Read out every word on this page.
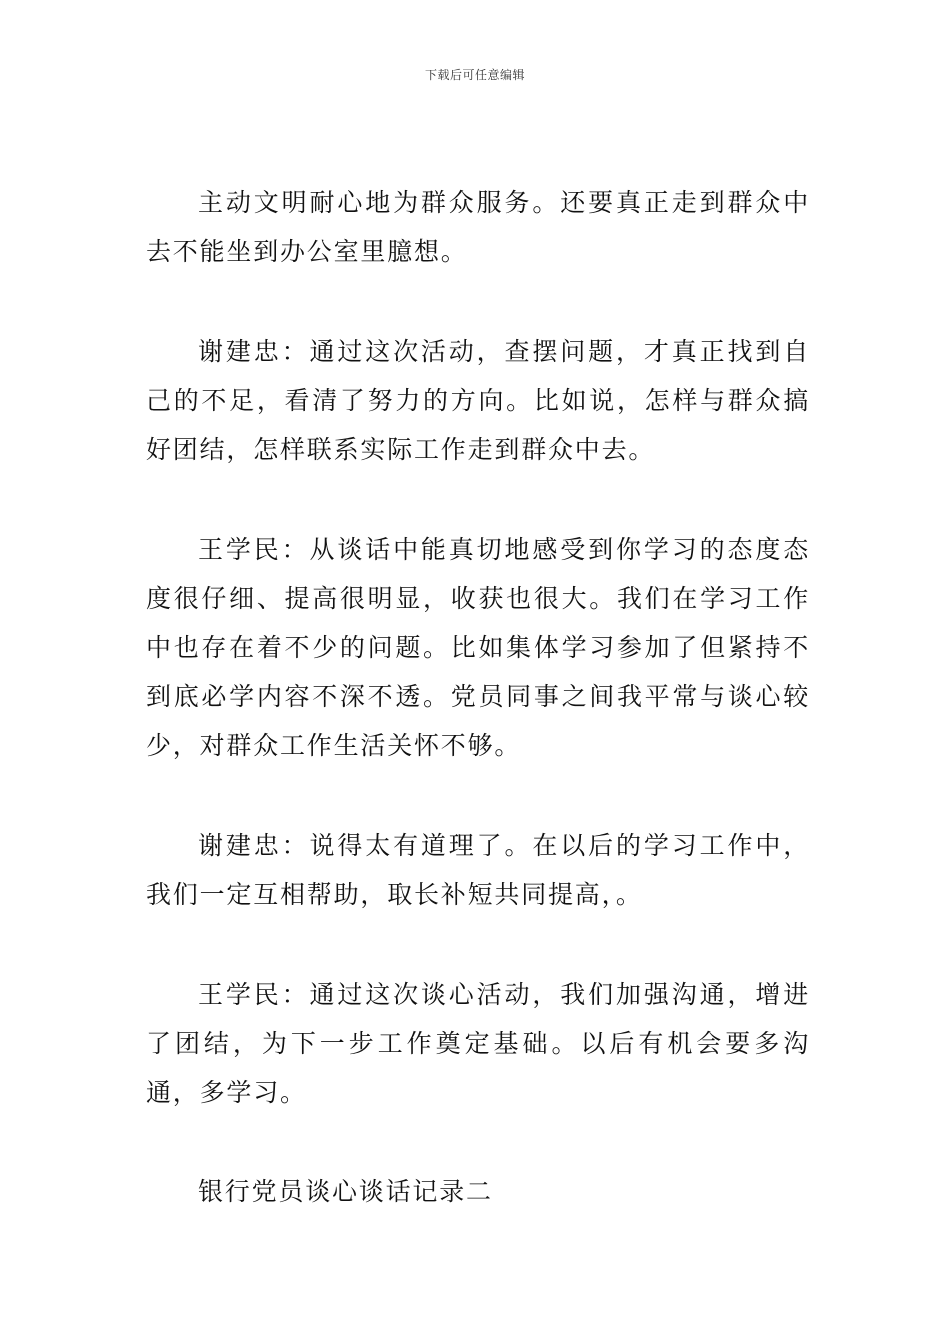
下载后可任意编辑

主动文明耐心地为群众服务。还要真正走到群众中去不能坐到办公室里臆想。

谢建忠：通过这次活动，查摆问题，才真正找到自己的不足，看清了努力的方向。比如说，怎样与群众搞好团结，怎样联系实际工作走到群众中去。

王学民：从谈话中能真切地感受到你学习的态度态度很仔细、提高很明显，收获也很大。我们在学习工作中也存在着不少的问题。比如集体学习参加了但紧持不到底必学内容不深不透。党员同事之间我平常与谈心较少，对群众工作生活关怀不够。

谢建忠：说得太有道理了。在以后的学习工作中，我们一定互相帮助，取长补短共同提高，。

王学民：通过这次谈心活动，我们加强沟通，增进了团结，为下一步工作奠定基础。以后有机会要多沟通，多学习。

银行党员谈心谈话记录二
